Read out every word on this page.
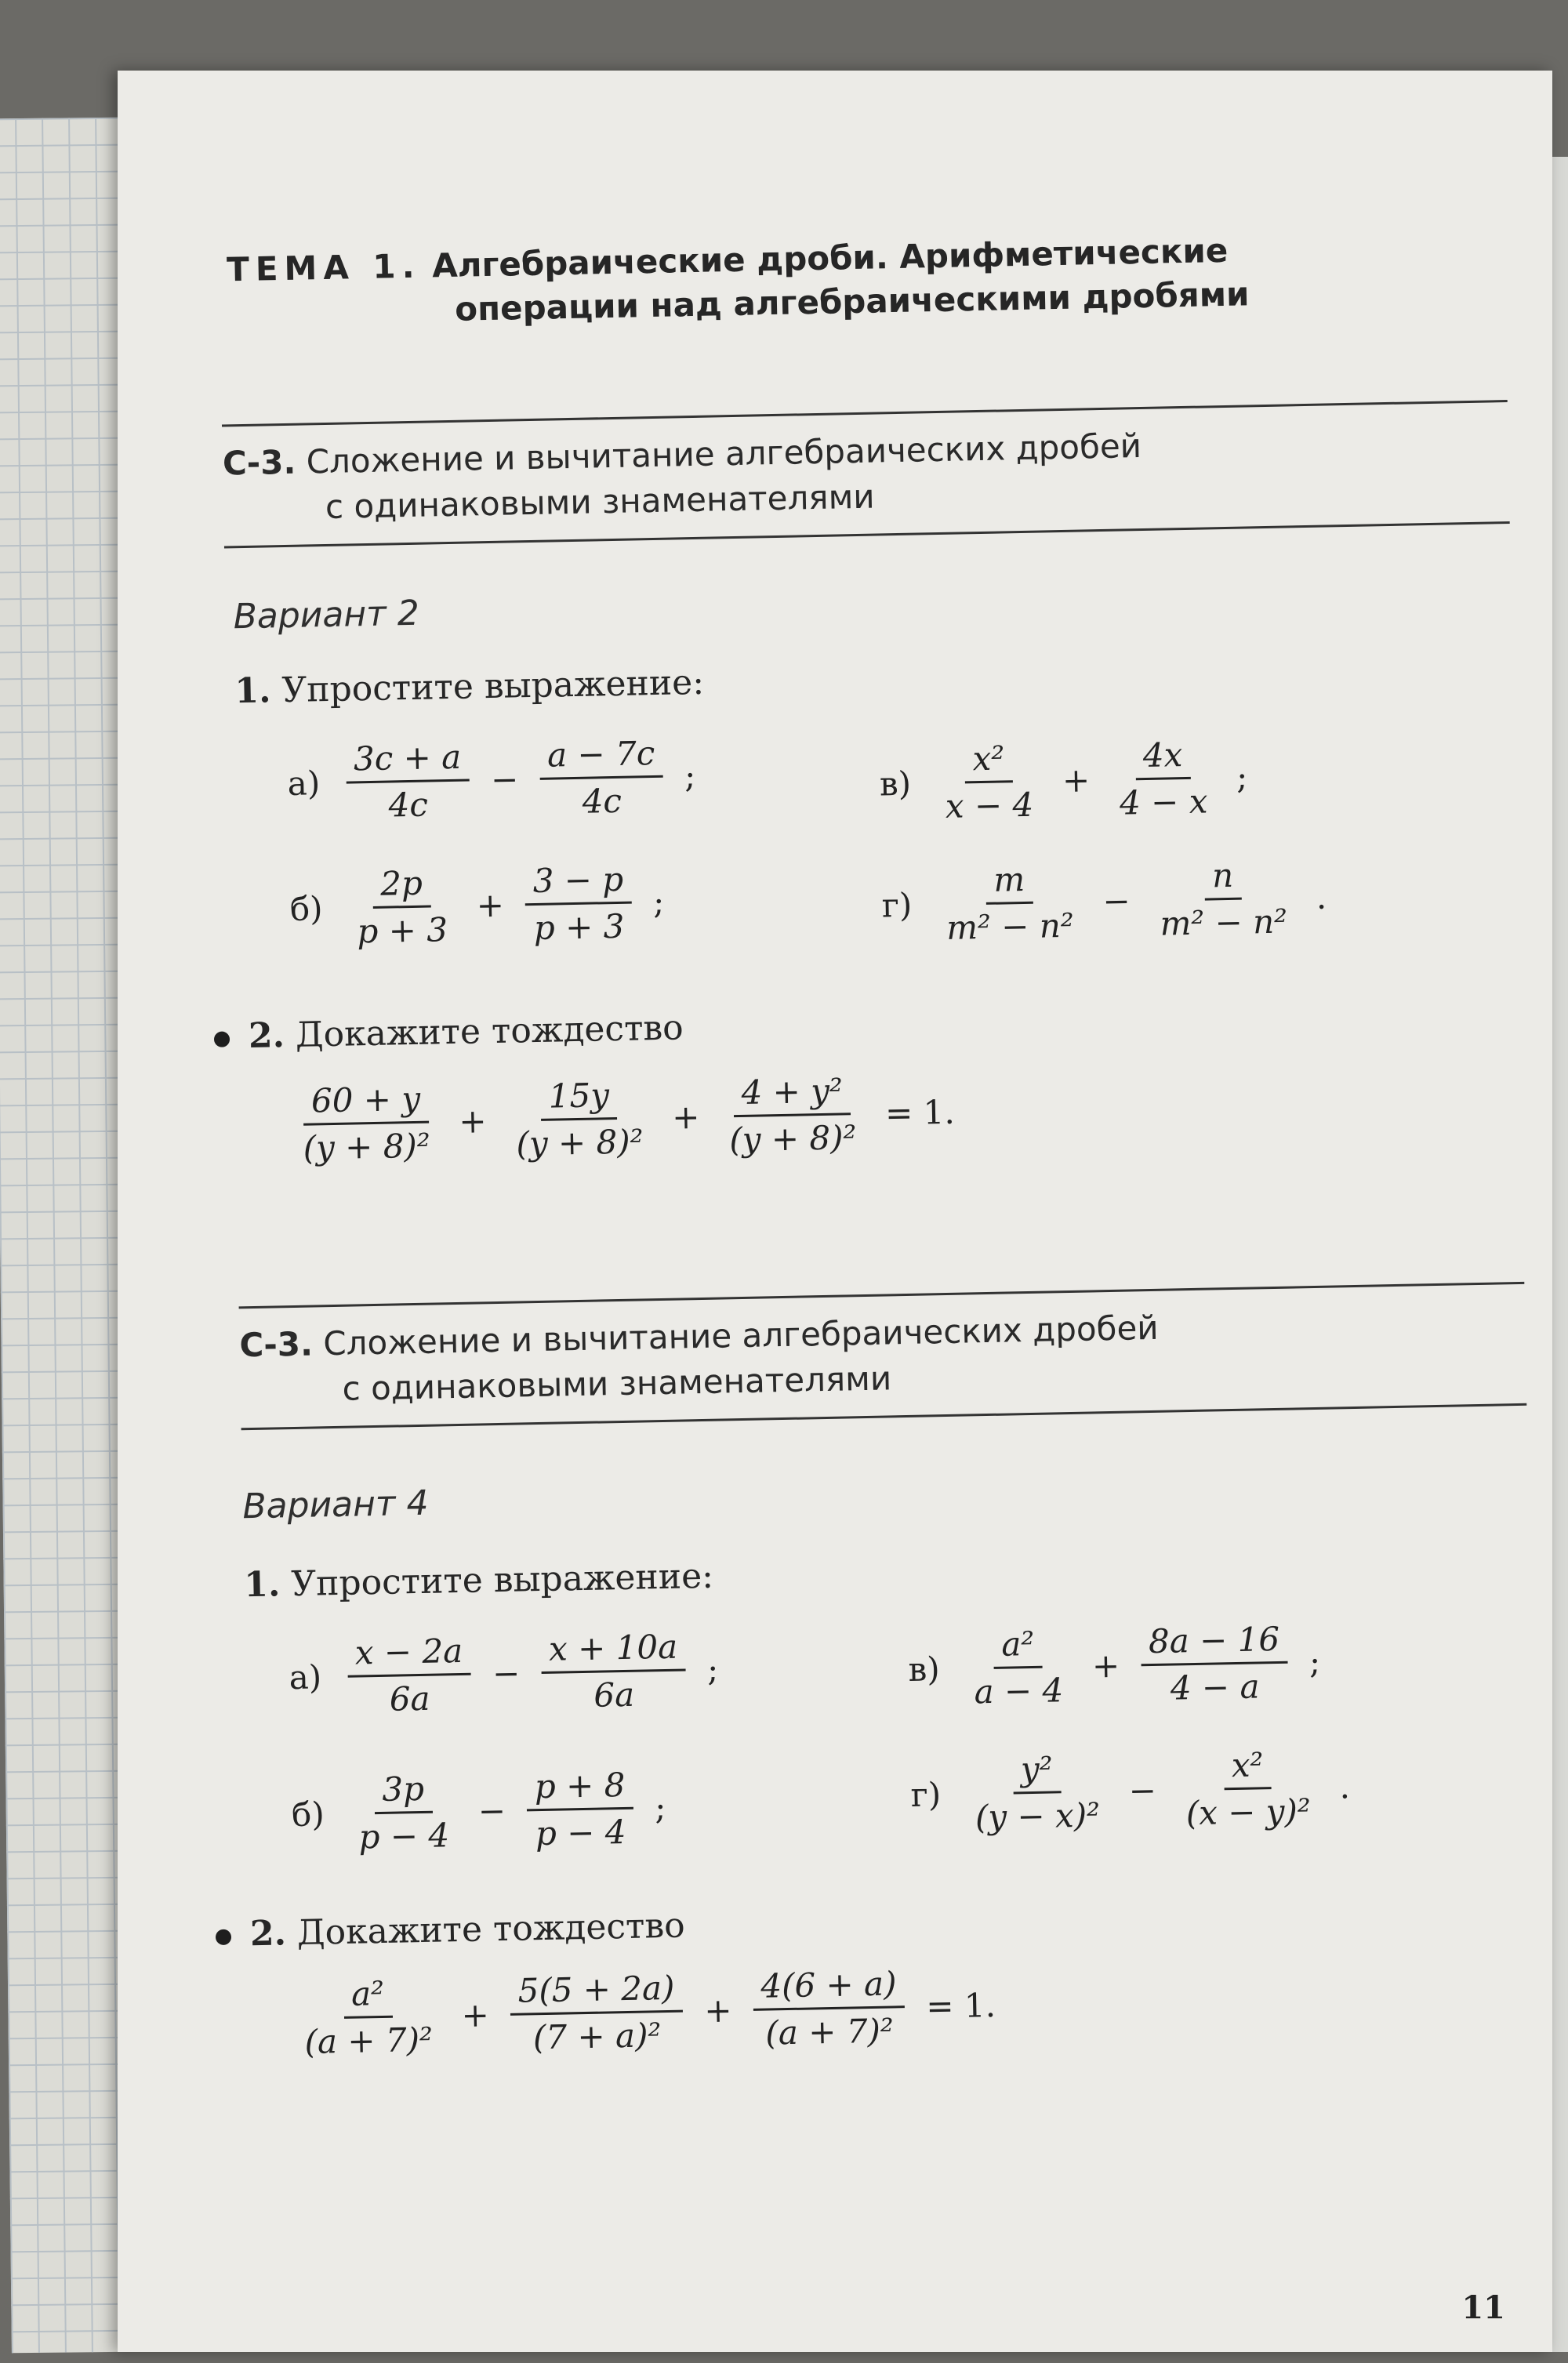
ТЕМА 1. Алгебраические дроби. Арифметические
операции над алгебраическими дробями
С-3. Сложение и вычитание алгебраических дробей
с одинаковыми знаменателями
Вариант 2
1. Упростите выражение:
$а) \frac{3c + a}{4c} - \frac{a - 7c}{4c}$ ;	$в) \frac{\text{x²}}{x - 4} + \frac{4x}{4 - x}$ ;
$б) \frac{2p}{p + 3} + \frac{3 - p}{p + 3}$ ;	$г) \frac{m}{\text{m² − n²}} - \frac{n}{\text{m² − n²}}$ .
2. Докажите тождество
$\frac{60 + y}{\text{(y + 8)²}} + \frac{15y}{\text{(y + 8)²}} + \frac{\text{4 + y²}}{\text{(y + 8)²}} = 1$.
С-3. Сложение и вычитание алгебраических дробей
с одинаковыми знаменателями
Вариант 4
1. Упростите выражение:
$а) \frac{x - 2a}{6a} - \frac{x + 10a}{6a}$ ;	$в) \frac{\text{a²}}{a - 4} + \frac{8a - 16}{4 - a}$ ;
$б) \frac{3p}{p - 4} - \frac{p + 8}{p - 4}$ ;	$г) \frac{\text{y²}}{\text{(y − x)²}} - \frac{\text{x²}}{\text{(x − y)²}}$ .
2. Докажите тождество
$\frac{\text{a²}}{\text{(a + 7)²}} + \frac{5(5 + 2a)}{\text{(7 + a)²}} + \frac{4(6 + a)}{\text{(a + 7)²}} = 1$.
11
